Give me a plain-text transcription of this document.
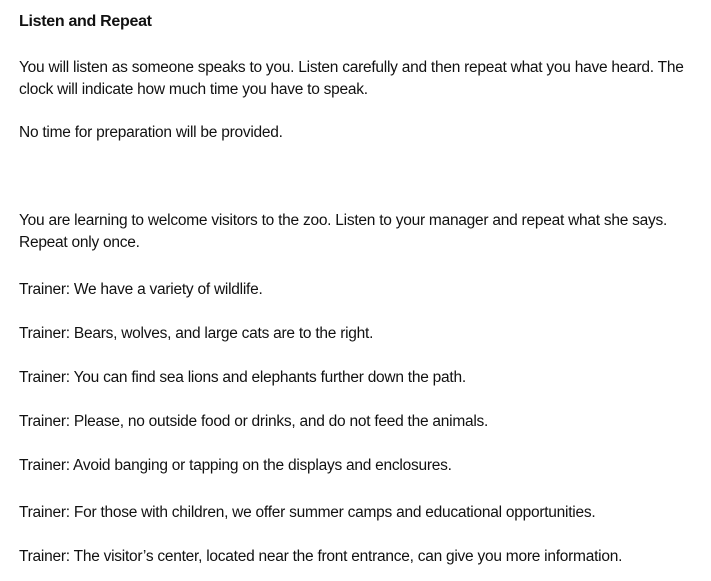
Listen and Repeat

You will listen as someone speaks to you. Listen carefully and then repeat what you have heard. The clock will indicate how much time you have to speak.

No time for preparation will be provided.

You are learning to welcome visitors to the zoo. Listen to your manager and repeat what she says. Repeat only once.

Trainer: We have a variety of wildlife.

Trainer: Bears, wolves, and large cats are to the right.

Trainer: You can find sea lions and elephants further down the path.

Trainer: Please, no outside food or drinks, and do not feed the animals.

Trainer: Avoid banging or tapping on the displays and enclosures.

Trainer: For those with children, we offer summer camps and educational opportunities.

Trainer: The visitor’s center, located near the front entrance, can give you more information.
